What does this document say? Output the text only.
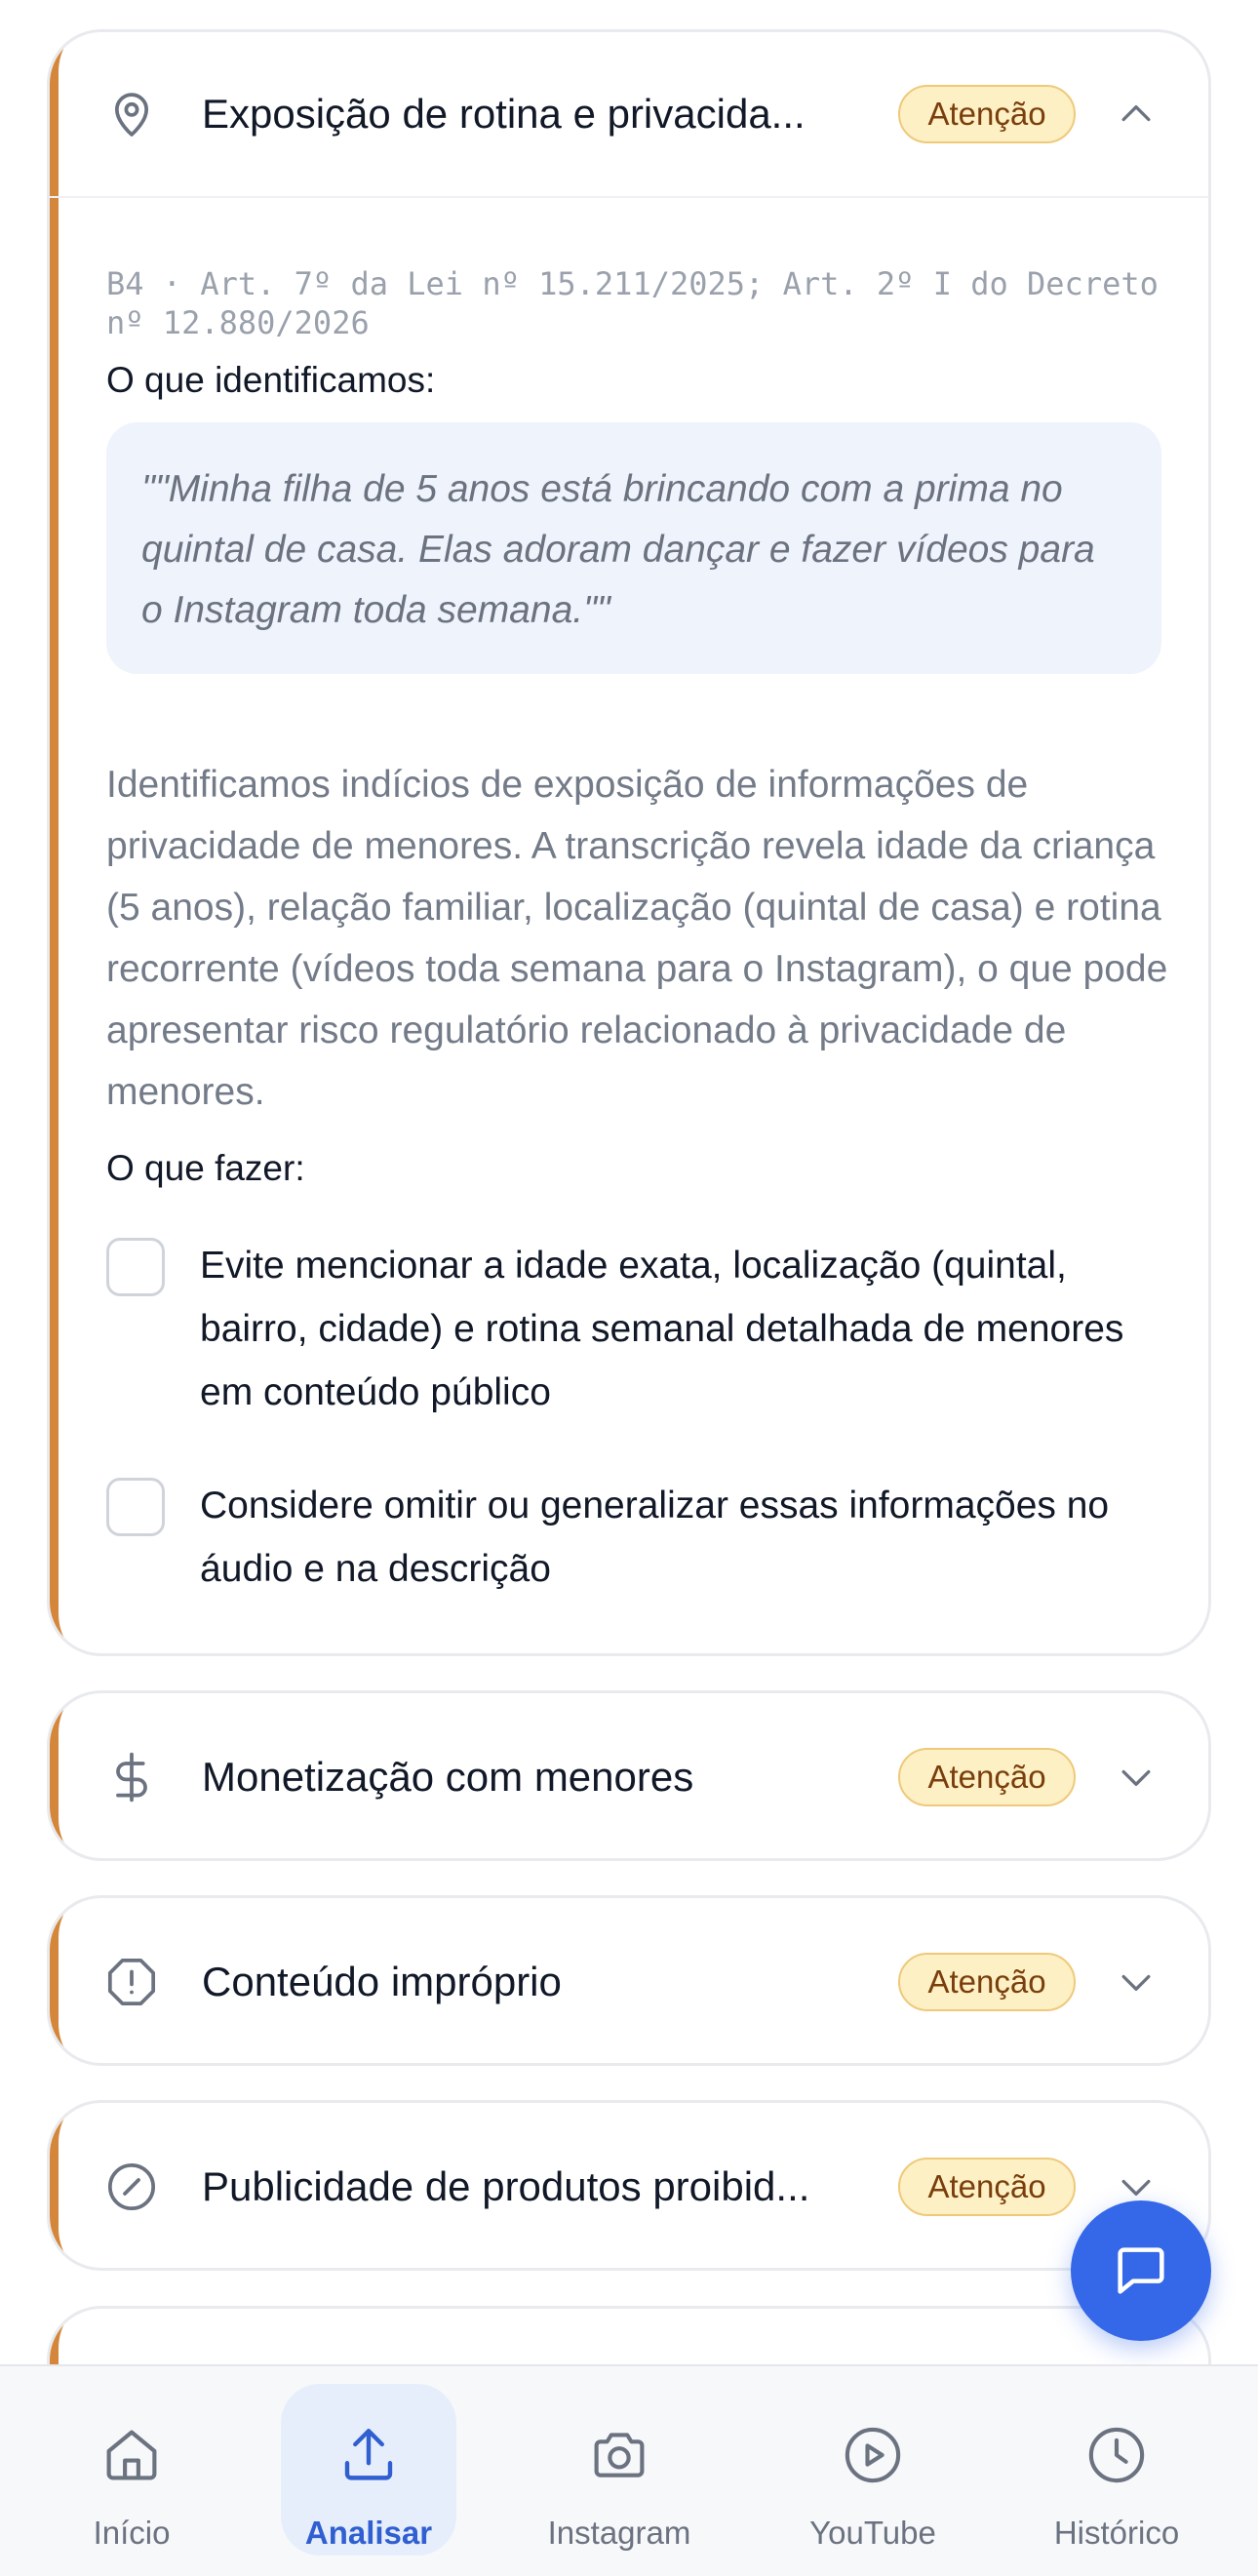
Exposição de rotina e privacida...	Atenção
B4 · Art. 7º da Lei nº 15.211/2025; Art. 2º I do Decreto nº 12.880/2026
O que identificamos:
""Minha filha de 5 anos está brincando com a prima no quintal de casa. Elas adoram dançar e fazer vídeos para o Instagram toda semana.""
Identificamos indícios de exposição de informações de privacidade de menores. A transcrição revela idade da criança (5 anos), relação familiar, localização (quintal de casa) e rotina recorrente (vídeos toda semana para o Instagram), o que pode apresentar risco regulatório relacionado à privacidade de menores.
O que fazer:
Evite mencionar a idade exata, localização (quintal, bairro, cidade) e rotina semanal detalhada de menores em conteúdo público
Considere omitir ou generalizar essas informações no áudio e na descrição
Monetização com menores	Atenção
Conteúdo impróprio	Atenção
Publicidade de produtos proibid...	Atenção
Início	Analisar	Instagram	YouTube	Histórico
